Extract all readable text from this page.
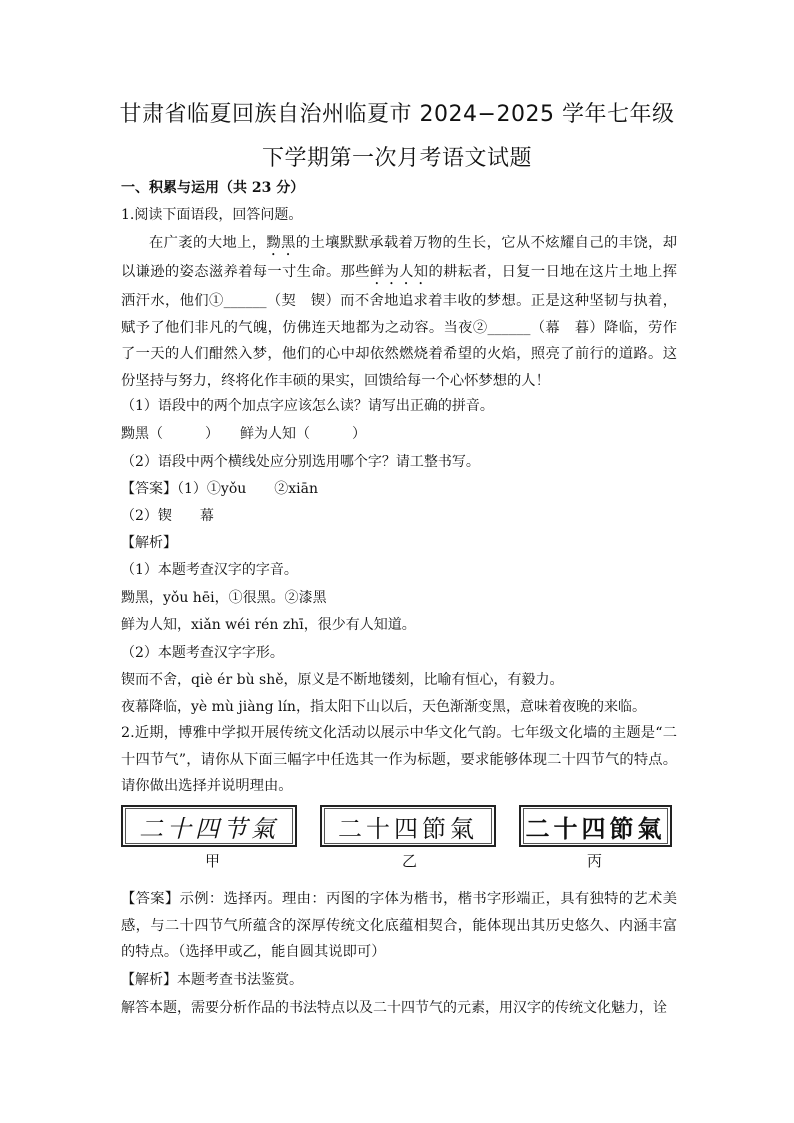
甘肃省临夏回族自治州临夏市 2024−2025 学年七年级
下学期第一次月考语文试题
一、积累与运用（共 23 分）
1.阅读下面语段，回答问题。
在广袤的大地上，黝黑的土壤默默承载着万物的生长，它从不炫耀自己的丰饶，却以谦逊的姿态滋养着每一寸生命。那些鲜为人知的耕耘者，日复一日地在这片土地上挥洒汗水，他们①______（契　锲）而不舍地追求着丰收的梦想。正是这种坚韧与执着，赋予了他们非凡的气魄，仿佛连天地都为之动容。当夜②______（幕　暮）降临，劳作了一天的人们酣然入梦，他们的心中却依然燃烧着希望的火焰，照亮了前行的道路。这份坚持与努力，终将化作丰硕的果实，回馈给每一个心怀梦想的人！
（1）语段中的两个加点字应该怎么读？请写出正确的拼音。
黝黑（　　　）　　鲜为人知（　　　）
（2）语段中两个横线处应分别选用哪个字？请工整书写。
【答案】（1）①yǒu　　②xiān
（2）锲　　幕
【解析】
（1）本题考查汉字的字音。
黝黑，yǒu hēi，①很黑。②漆黑
鲜为人知，xiǎn wéi rén zhī，很少有人知道。
（2）本题考查汉字字形。
锲而不舍，qiè ér bù shě，原义是不断地镂刻，比喻有恒心，有毅力。
夜幕降临，yè mù jiàng lín，指太阳下山以后，天色渐渐变黑，意味着夜晚的来临。
2.近期，博雅中学拟开展传统文化活动以展示中华文化气韵。七年级文化墙的主题是“二十四节气”，请你从下面三幅字中任选其一作为标题，要求能够体现二十四节气的特点。请你做出选择并说明理由。
二十四节氣	二十四節氣	二十四節氣
甲	乙	丙
【答案】示例：选择丙。理由：丙图的字体为楷书，楷书字形端正，具有独特的艺术美感，与二十四节气所蕴含的深厚传统文化底蕴相契合，能体现出其历史悠久、内涵丰富的特点。（选择甲或乙，能自圆其说即可）
【解析】本题考查书法鉴赏。
解答本题，需要分析作品的书法特点以及二十四节气的元素，用汉字的传统文化魅力，诠
